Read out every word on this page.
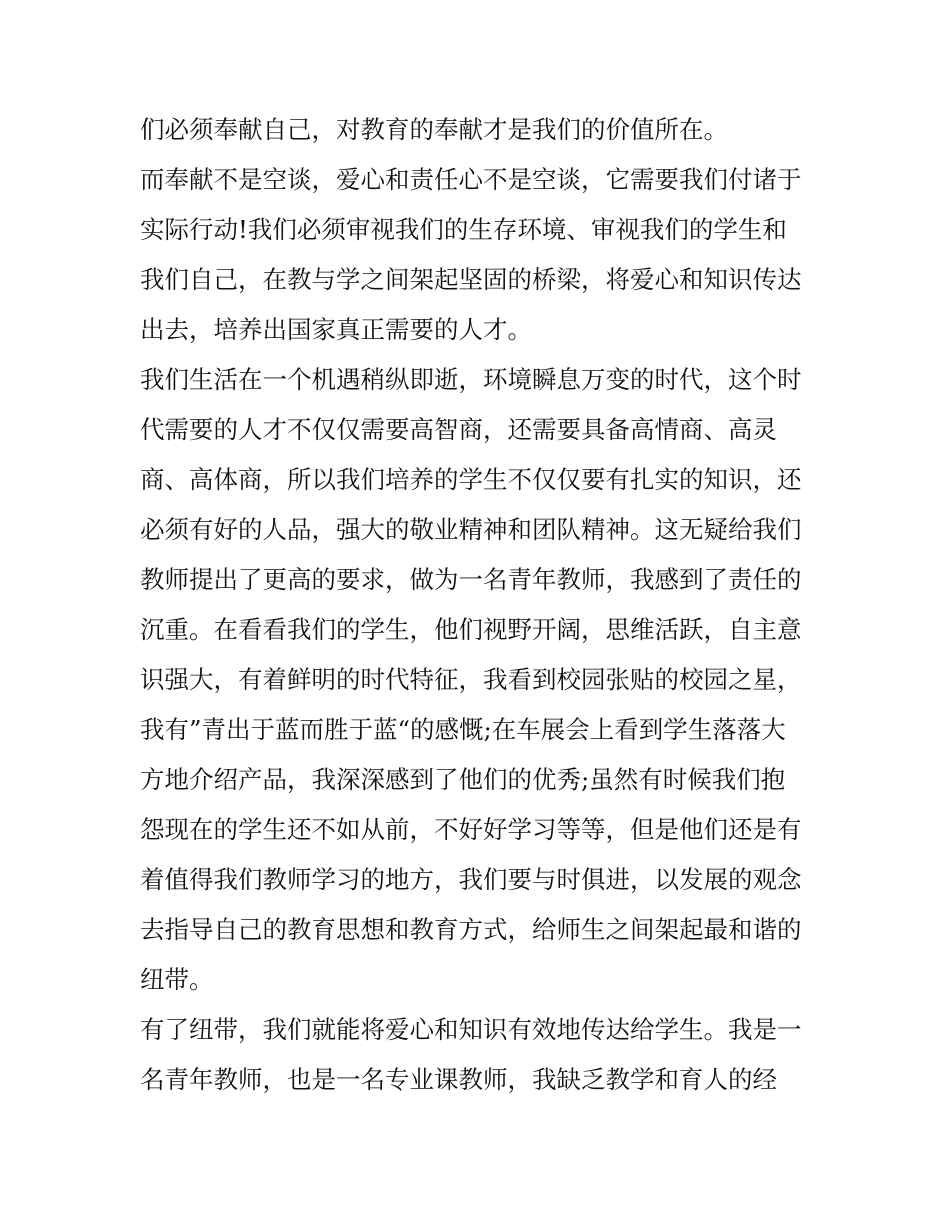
们必须奉献自己，对教育的奉献才是我们的价值所在。

而奉献不是空谈，爱心和责任心不是空谈，它需要我们付诸于

实际行动!我们必须审视我们的生存环境、审视我们的学生和

我们自己，在教与学之间架起坚固的桥梁，将爱心和知识传达

出去，培养出国家真正需要的人才。

我们生活在一个机遇稍纵即逝，环境瞬息万变的时代，这个时

代需要的人才不仅仅需要高智商，还需要具备高情商、高灵

商、高体商，所以我们培养的学生不仅仅要有扎实的知识，还

必须有好的人品，强大的敬业精神和团队精神。这无疑给我们

教师提出了更高的要求，做为一名青年教师，我感到了责任的

沉重。在看看我们的学生，他们视野开阔，思维活跃，自主意

识强大，有着鲜明的时代特征，我看到校园张贴的校园之星，

我有”青出于蓝而胜于蓝“的感慨;在车展会上看到学生落落大

方地介绍产品，我深深感到了他们的优秀;虽然有时候我们抱

怨现在的学生还不如从前，不好好学习等等，但是他们还是有

着值得我们教师学习的地方，我们要与时俱进，以发展的观念

去指导自己的教育思想和教育方式，给师生之间架起最和谐的

纽带。

有了纽带，我们就能将爱心和知识有效地传达给学生。我是一

名青年教师，也是一名专业课教师，我缺乏教学和育人的经
